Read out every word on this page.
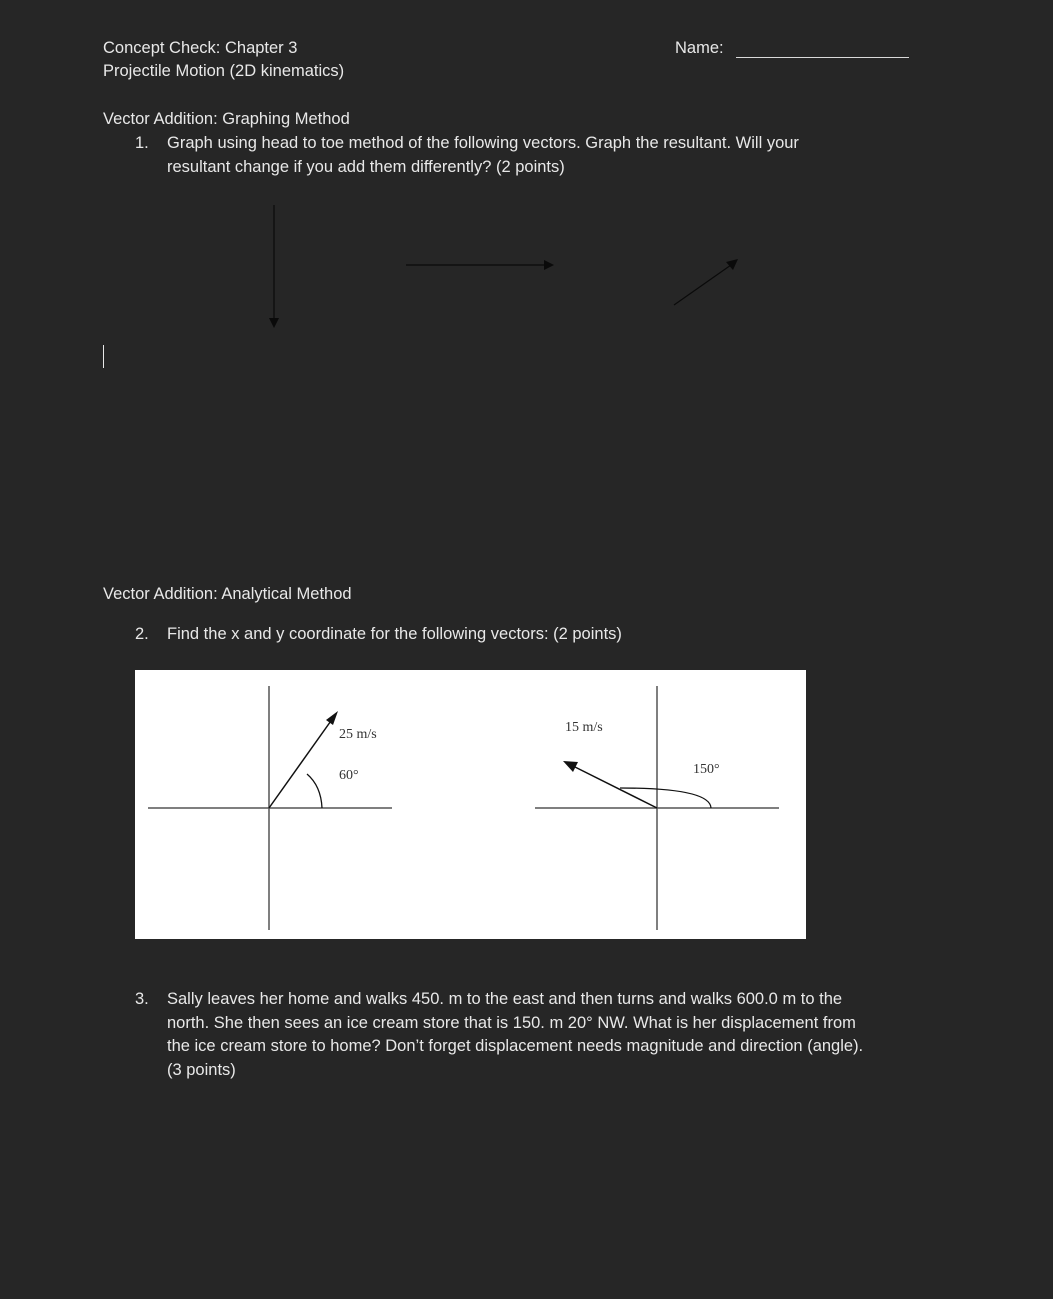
Concept Check: Chapter 3
Projectile Motion (2D kinematics)
Name:
Vector Addition: Graphing Method
1. Graph using head to toe method of the following vectors. Graph the resultant. Will your
resultant change if you add them differently? (2 points)
Vector Addition: Analytical Method
2. Find the x and y coordinate for the following vectors: (2 points)
25 m/s
60°
15 m/s
150°
3. Sally leaves her home and walks 450. m to the east and then turns and walks 600.0 m to the
north. She then sees an ice cream store that is 150. m 20° NW. What is her displacement from
the ice cream store to home? Don’t forget displacement needs magnitude and direction (angle).
(3 points)
